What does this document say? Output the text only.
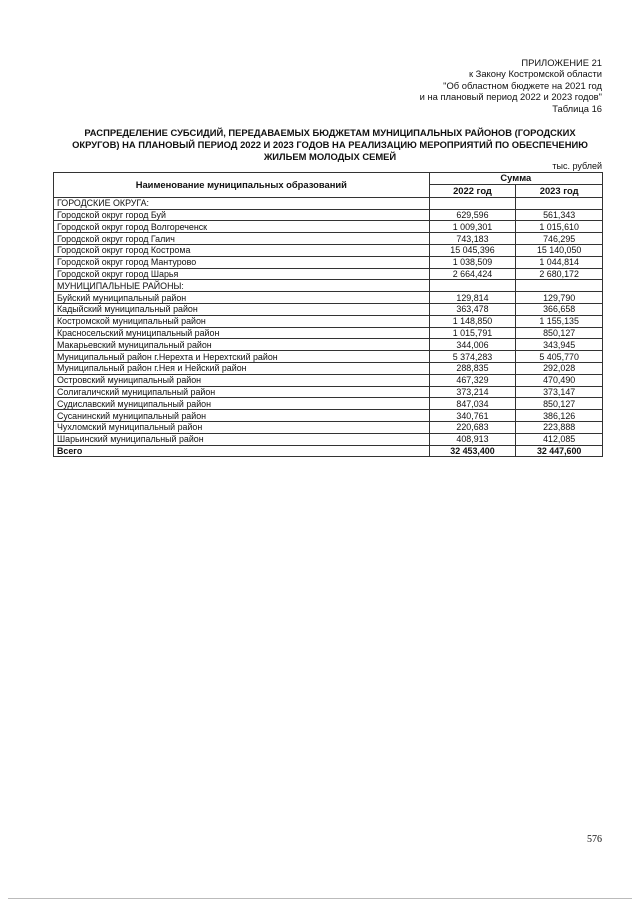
ПРИЛОЖЕНИЕ 21
к Закону Костромской области
"Об областном бюджете на 2021 год
и на плановый период 2022 и 2023 годов"
Таблица 16
РАСПРЕДЕЛЕНИЕ СУБСИДИЙ, ПЕРЕДАВАЕМЫХ БЮДЖЕТАМ МУНИЦИПАЛЬНЫХ РАЙОНОВ (ГОРОДСКИХ
ОКРУГОВ) НА ПЛАНОВЫЙ ПЕРИОД 2022 И 2023 ГОДОВ НА РЕАЛИЗАЦИЮ МЕРОПРИЯТИЙ ПО ОБЕСПЕЧЕНИЮ
ЖИЛЬЕМ МОЛОДЫХ СЕМЕЙ
тыс. рублей
Наименование муниципальных образований	Сумма	
	2022 год	2023 год
ГОРОДСКИЕ ОКРУГА:		
Городской округ город Буй	629,596	561,343
Городской округ город Волгореченск	1 009,301	1 015,610
Городской округ город Галич	743,183	746,295
Городской округ город Кострома	15 045,396	15 140,050
Городской округ город Мантурово	1 038,509	1 044,814
Городской округ город Шарья	2 664,424	2 680,172
МУНИЦИПАЛЬНЫЕ РАЙОНЫ:		
Буйский муниципальный район	129,814	129,790
Кадыйский муниципальный район	363,478	366,658
Костромской муниципальный район	1 148,850	1 155,135
Красносельский муниципальный район	1 015,791	850,127
Макарьевский муниципальный район	344,006	343,945
Муниципальный район г.Нерехта и Нерехтский район	5 374,283	5 405,770
Муниципальный район г.Нея и Нейский район	288,835	292,028
Островский муниципальный район	467,329	470,490
Солигаличский муниципальный район	373,214	373,147
Судиславский муниципальный район	847,034	850,127
Сусанинский муниципальный район	340,761	386,126
Чухломский муниципальный район	220,683	223,888
Шарьинский муниципальный район	408,913	412,085
Всего	32 453,400	32 447,600
576
